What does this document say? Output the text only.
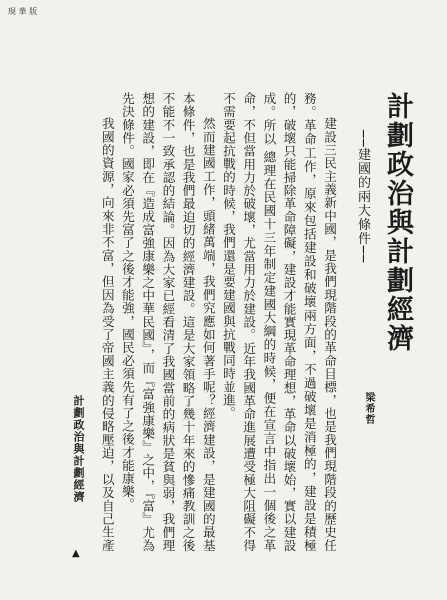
現 華 版
計劃政治與計劃經濟
──建國的兩大條件──
梁希哲

建設三民主義新中國，是我們現階段的革命目標，也是我們現階段的歷史任務。革命工作，原來包括建設和破壞兩方面，不過破壞是消極的，建設是積極的，破壞只能掃除革命障礙，建設才能實現革命理想，革命以破壞始，實以建設成。所以 總理在民國十三年制定建國大綱的時候，便在宣言中指出一個後之革命，不但當用力於破壞，尤當用力於建設。近年我國革命進展遭受極大阻礙不得不需要起抗戰的時候，我們還是要建國與抗戰同時並進。

然而建國工作，頭緒萬端，我們究應如何著手呢？經濟建設，是建國的最基本條件，也是我們最迫切的經濟建設。這是大家領略了幾十年來的慘痛教訓之後不能不一致承認的結論。因為大家已經看清了我國當前的病狀是貧與弱，我們理想的建設，即在『造成富強康樂之中華民國』，而『富強康樂』之中，『富』尤為先決條件。國家必須先富了之後才能強，國民必須先有了之後才能康樂。

我國的資源，向來非不富，但因為受了帝國主義的侵略壓迫，以及自己生產

計劃政治與計劃經濟
▲
